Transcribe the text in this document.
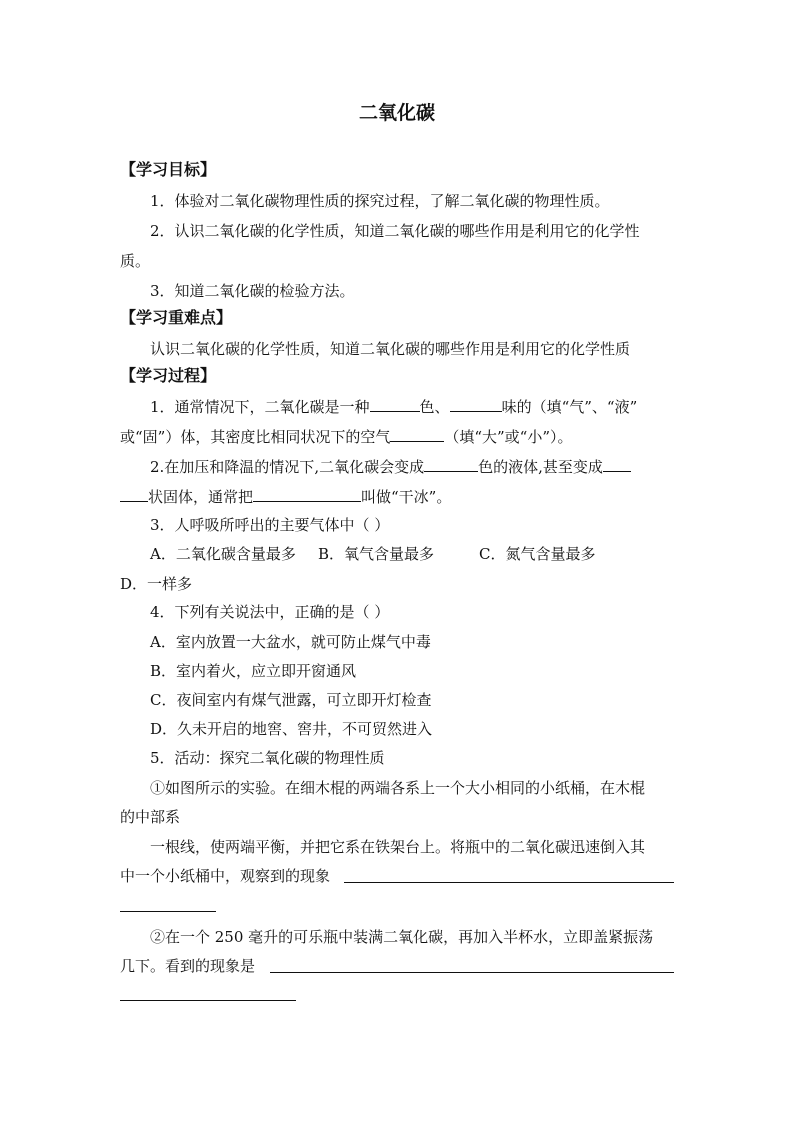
二氧化碳
【学习目标】
1．体验对二氧化碳物理性质的探究过程，了解二氧化碳的物理性质。
2．认识二氧化碳的化学性质，知道二氧化碳的哪些作用是利用它的化学性
质。
3．知道二氧化碳的检验方法。
【学习重难点】
认识二氧化碳的化学性质，知道二氧化碳的哪些作用是利用它的化学性质
【学习过程】
1．通常情况下，二氧化碳是一种	色、	味的（填“气”、“液”
或“固”）体，其密度比相同状况下的空气	（填“大”或“小”）。
2.在加压和降温的情况下,二氧化碳会变成	色的液体,甚至变成
状固体，通常把	叫做“干冰”。
3．人呼吸所呼出的主要气体中（ ）
A．二氧化碳含量最多 B．氧气含量最多	C．氮气含量最多
D．一样多
4．下列有关说法中，正确的是（ ）
A．室内放置一大盆水，就可防止煤气中毒
B．室内着火，应立即开窗通风
C．夜间室内有煤气泄露，可立即开灯检查
D．久未开启的地窖、窖井，不可贸然进入
5．活动：探究二氧化碳的物理性质
①如图所示的实验。在细木棍的两端各系上一个大小相同的小纸桶，在木棍
的中部系
一根线，使两端平衡，并把它系在铁架台上。将瓶中的二氧化碳迅速倒入其
中一个小纸桶中，观察到的现象
②在一个 250 毫升的可乐瓶中装满二氧化碳，再加入半杯水，立即盖紧振荡
几下。看到的现象是
